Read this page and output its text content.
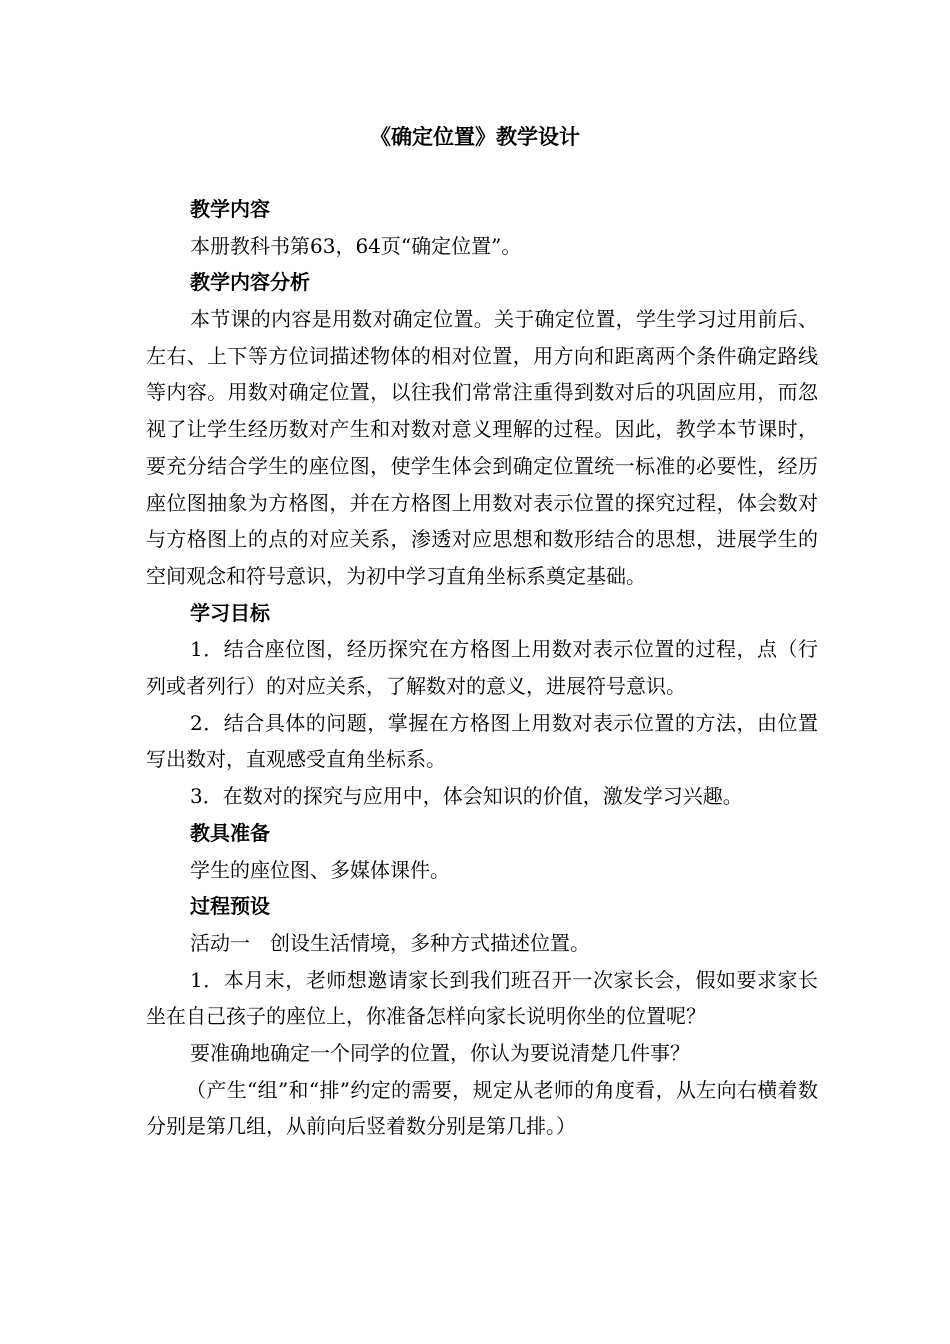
《确定位置》教学设计
教学内容
本册教科书第63，64页“确定位置”。
教学内容分析
本节课的内容是用数对确定位置。关于确定位置，学生学习过用前后、左右、上下等方位词描述物体的相对位置，用方向和距离两个条件确定路线等内容。用数对确定位置，以往我们常常注重得到数对后的巩固应用，而忽视了让学生经历数对产生和对数对意义理解的过程。因此，教学本节课时，要充分结合学生的座位图，使学生体会到确定位置统一标准的必要性，经历座位图抽象为方格图，并在方格图上用数对表示位置的探究过程，体会数对与方格图上的点的对应关系，渗透对应思想和数形结合的思想，进展学生的空间观念和符号意识，为初中学习直角坐标系奠定基础。
学习目标
1．结合座位图，经历探究在方格图上用数对表示位置的过程，点（行列或者列行）的对应关系，了解数对的意义，进展符号意识。
2．结合具体的问题，掌握在方格图上用数对表示位置的方法，由位置写出数对，直观感受直角坐标系。
3．在数对的探究与应用中，体会知识的价值，激发学习兴趣。
教具准备
学生的座位图、多媒体课件。
过程预设
活动一　创设生活情境，多种方式描述位置。
1．本月末，老师想邀请家长到我们班召开一次家长会，假如要求家长坐在自己孩子的座位上，你准备怎样向家长说明你坐的位置呢？
要准确地确定一个同学的位置，你认为要说清楚几件事？
（产生“组”和“排”约定的需要，规定从老师的角度看，从左向右横着数分别是第几组，从前向后竖着数分别是第几排。）
